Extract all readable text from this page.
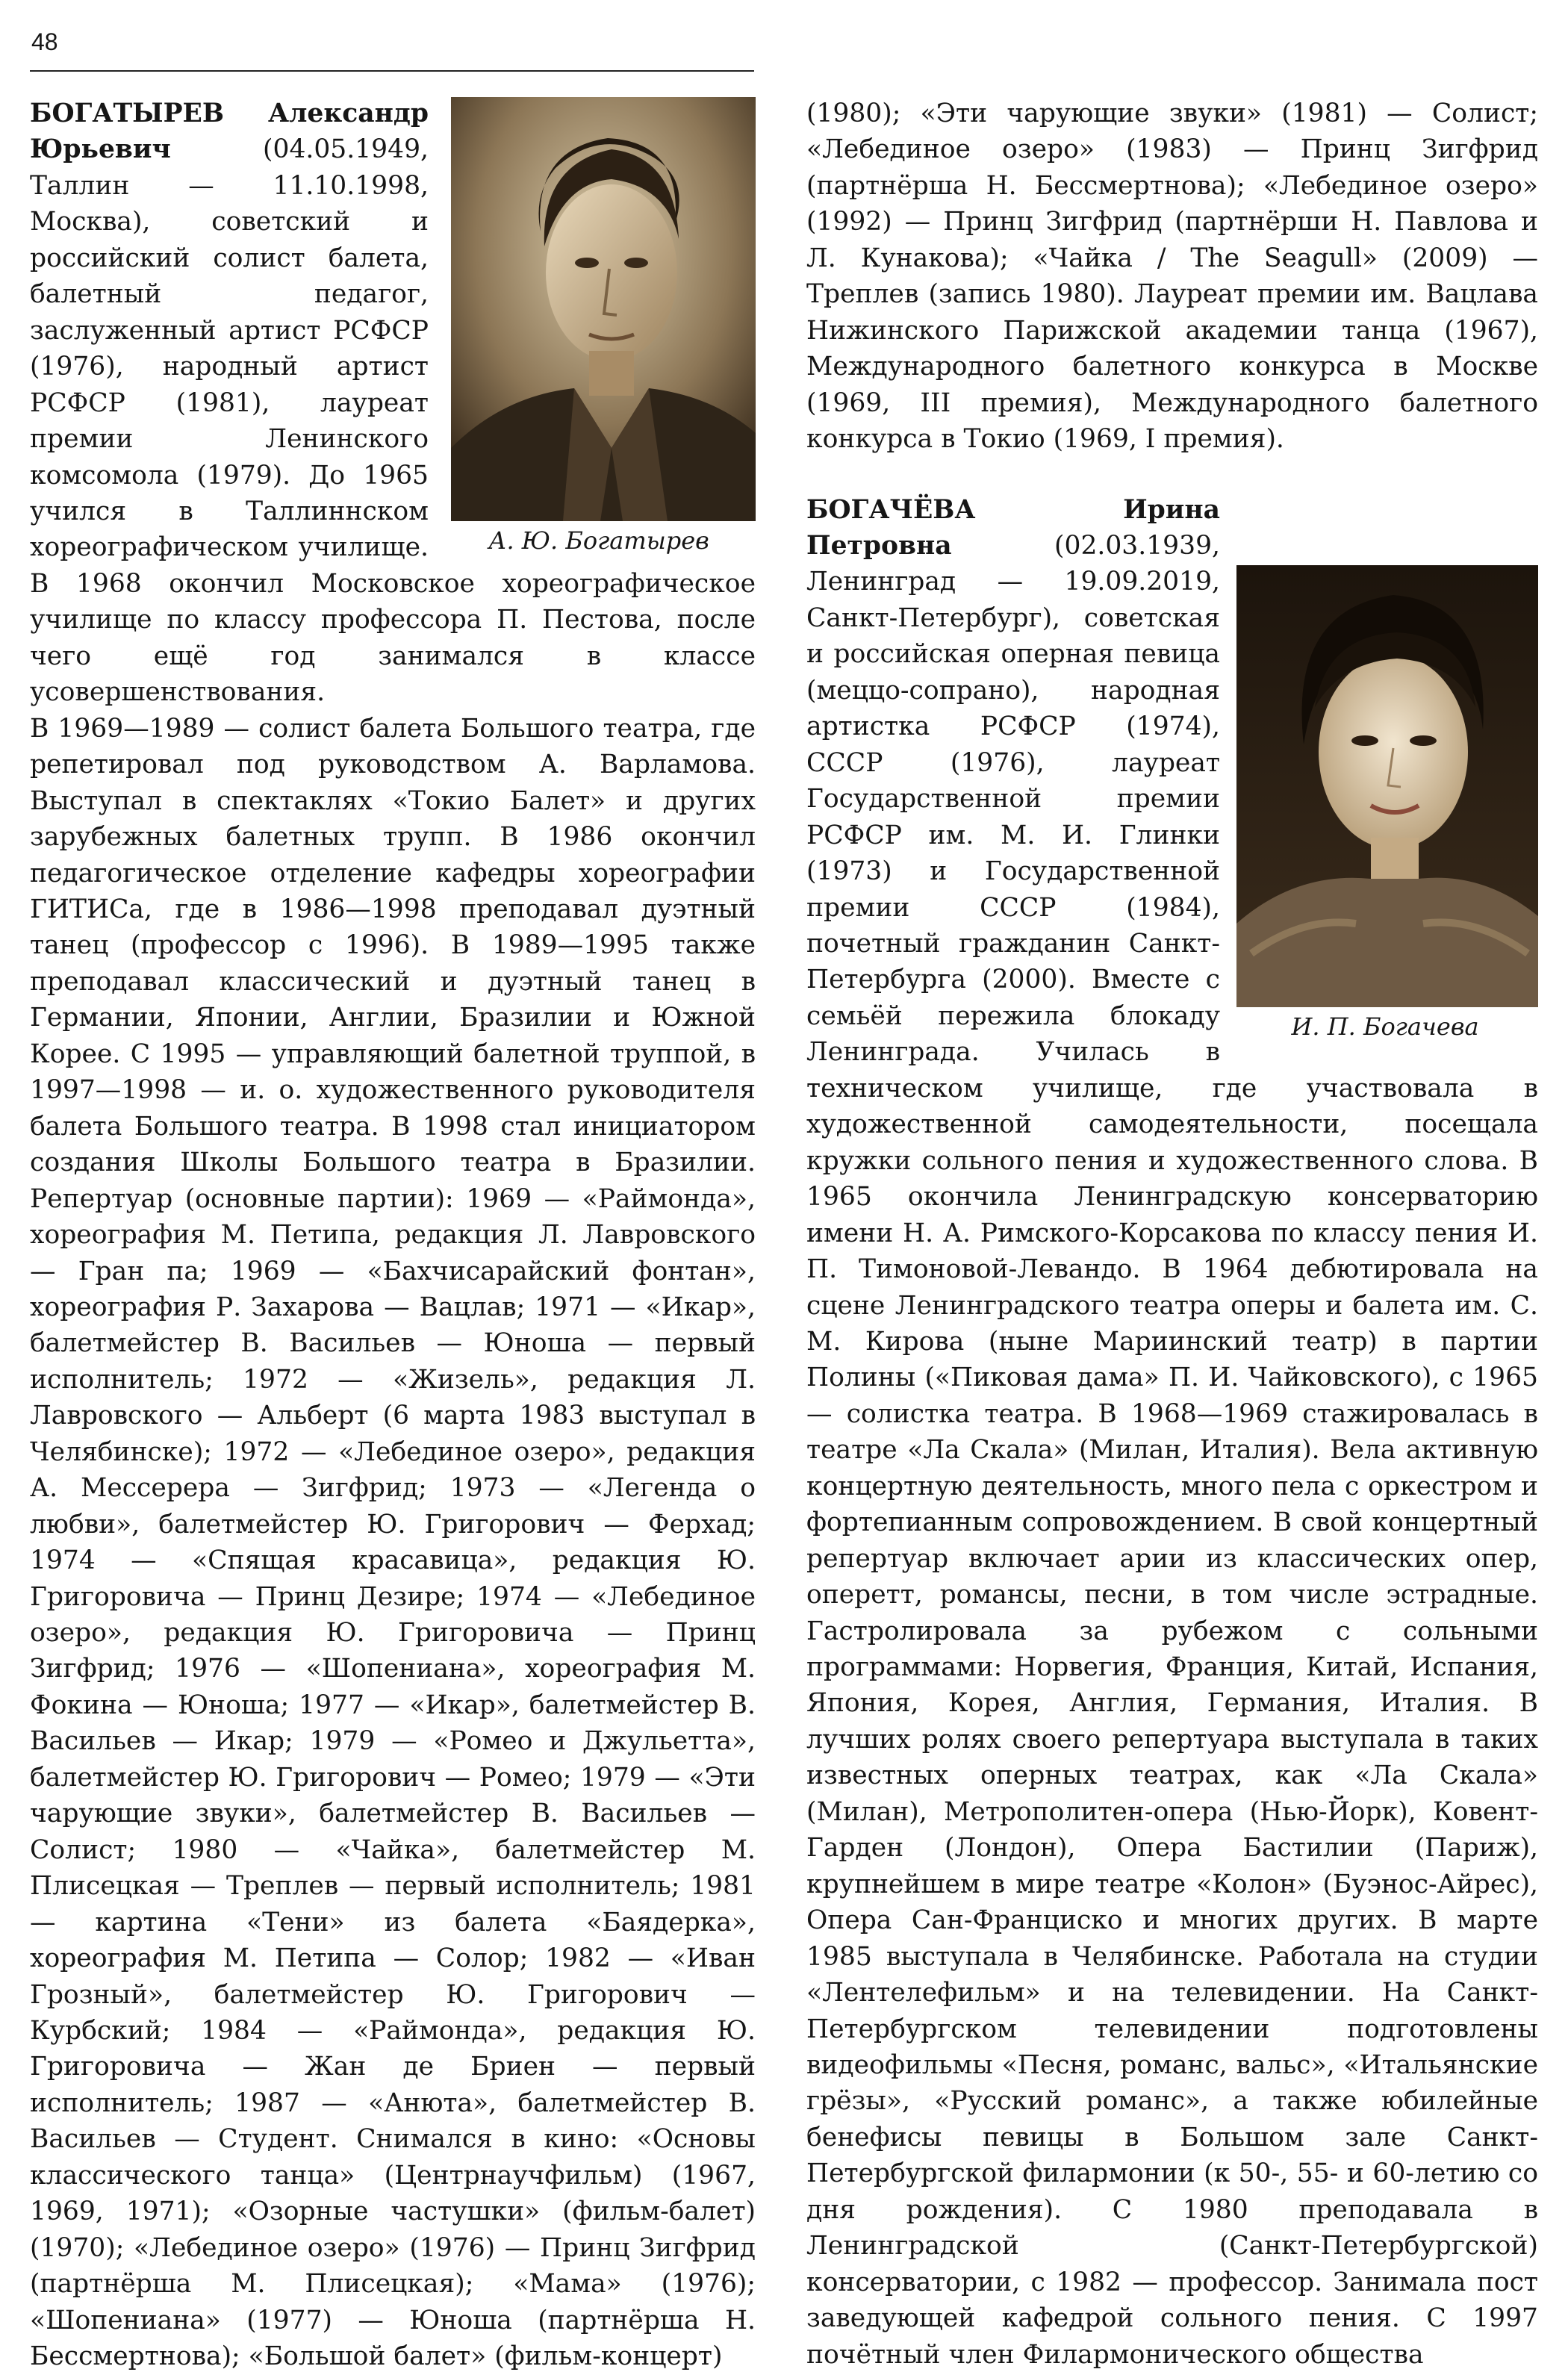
48
А. Ю. Богатырев

БОГАТЫРЕВ Александр Юрьевич (04.05.1949, Таллин — 11.10.1998, Москва), советский и российский солист балета, балетный педагог, заслуженный артист РСФСР (1976), народный артист РСФСР (1981), лауреат премии Ленинского комсомола (1979). До 1965 учился в Таллиннском хореографическом училище. В 1968 окончил Московское хореографическое училище по классу профессора П. Пестова, после чего ещё год занимался в классе усовершенствования.

В 1969—1989 — солист балета Большого театра, где репетировал под руководством А. Варламова. Выступал в спектаклях «Токио Балет» и других зарубежных балетных трупп. В 1986 окончил педагогическое отделение кафедры хореографии ГИТИСа, где в 1986—1998 преподавал дуэтный танец (профессор с 1996). В 1989—1995 также преподавал классический и дуэтный танец в Германии, Японии, Англии, Бразилии и Южной Корее. С 1995 — управляющий балетной труппой, в 1997—1998 — и. о. художественного руководителя балета Большого театра. В 1998 стал инициатором создания Школы Большого театра в Бразилии. Репертуар (основные партии): 1969 — «Раймонда», хореография М. Петипа, редакция Л. Лавровского — Гран па; 1969 — «Бахчисарайский фонтан», хореография Р. Захарова — Вацлав; 1971 — «Икар», балетмейстер В. Васильев — Юноша — первый исполнитель; 1972 — «Жизель», редакция Л. Лавровского — Альберт (6 марта 1983 выступал в Челябинске); 1972 — «Лебединое озеро», редакция А. Мессерера — Зигфрид; 1973 — «Легенда о любви», балетмейстер Ю. Григорович — Ферхад; 1974 — «Спящая красавица», редакция Ю. Григоровича — Принц Дезире; 1974 — «Лебединое озеро», редакция Ю. Григоровича — Принц Зигфрид; 1976 — «Шопениана», хореография М. Фокина — Юноша; 1977 — «Икар», балетмейстер В. Васильев — Икар; 1979 — «Ромео и Джульетта», балетмейстер Ю. Григорович — Ромео; 1979 — «Эти чарующие звуки», балетмейстер В. Васильев — Солист; 1980 — «Чайка», балетмейстер М. Плисецкая — Треплев — первый исполнитель; 1981 — картина «Тени» из балета «Баядерка», хореография М. Петипа — Солор; 1982 — «Иван Грозный», балетмейстер Ю. Григорович — Курбский; 1984 — «Раймонда», редакция Ю. Григоровича — Жан де Бриен — первый исполнитель; 1987 — «Анюта», балетмейстер В. Васильев — Студент. Снимался в кино: «Основы классического танца» (Центрнаучфильм) (1967, 1969, 1971); «Озорные частушки» (фильм-балет) (1970); «Лебединое озеро» (1976) — Принц Зигфрид (партнёрша М. Плисецкая); «Мама» (1976); «Шопениана» (1977) — Юноша (партнёрша Н. Бессмертнова); «Большой балет» (фильм-концерт)

(1980); «Эти чарующие звуки» (1981) — Солист; «Лебединое озеро» (1983) — Принц Зигфрид (партнёрша Н. Бессмертнова); «Лебединое озеро» (1992) — Принц Зигфрид (партнёрши Н. Павлова и Л. Кунакова); «Чайка / The Seagull» (2009) — Треплев (запись 1980). Лауреат премии им. Вацлава Нижинского Парижской академии танца (1967), Международного балетного конкурса в Москве (1969, III премия), Международного балетного конкурса в Токио (1969, I премия).

И. П. Богачева

БОГАЧЁВА Ирина Петровна (02.03.1939, Ленинград — 19.09.2019, Санкт-Петербург), советская и российская оперная певица (меццо-сопрано), народная артистка РСФСР (1974), СССР (1976), лауреат Государственной премии РСФСР им. М. И. Глинки (1973) и Государственной премии СССР (1984), почетный гражданин Санкт-Петербурга (2000). Вместе с семьёй пережила блокаду Ленинграда. Училась в техническом училище, где участвовала в художественной самодеятельности, посещала кружки сольного пения и художественного слова. В 1965 окончила Ленинградскую консерваторию имени Н. А. Римского-Корсакова по классу пения И. П. Тимоновой-Левандо. В 1964 дебютировала на сцене Ленинградского театра оперы и балета им. С. М. Кирова (ныне Мариинский театр) в партии Полины («Пиковая дама» П. И. Чайковского), с 1965 — солистка театра. В 1968—1969 стажировалась в театре «Ла Скала» (Милан, Италия). Вела активную концертную деятельность, много пела с оркестром и фортепианным сопровождением. В свой концертный репертуар включает арии из классических опер, оперетт, романсы, песни, в том числе эстрадные. Гастролировала за рубежом с сольными программами: Норвегия, Франция, Китай, Испания, Япония, Корея, Англия, Германия, Италия. В лучших ролях своего репертуара выступала в таких известных оперных театрах, как «Ла Скала» (Милан), Метрополитен-опера (Нью-Йорк), Ковент-Гарден (Лондон), Опера Бастилии (Париж), крупнейшем в мире театре «Колон» (Буэнос-Айрес), Опера Сан-Франциско и многих других. В марте 1985 выступала в Челябинске. Работала на студии «Лентелефильм» и на телевидении. На Санкт-Петербургском телевидении подготовлены видеофильмы «Песня, романс, вальс», «Итальянские грёзы», «Русский романс», а также юбилейные бенефисы певицы в Большом зале Санкт-Петербургской филармонии (к 50-, 55- и 60-летию со дня рождения). С 1980 преподавала в Ленинградской (Санкт-Петербургской) консерватории, с 1982 — профессор. Занимала пост заведующей кафедрой сольного пения. С 1997 почётный член Филармонического общества
